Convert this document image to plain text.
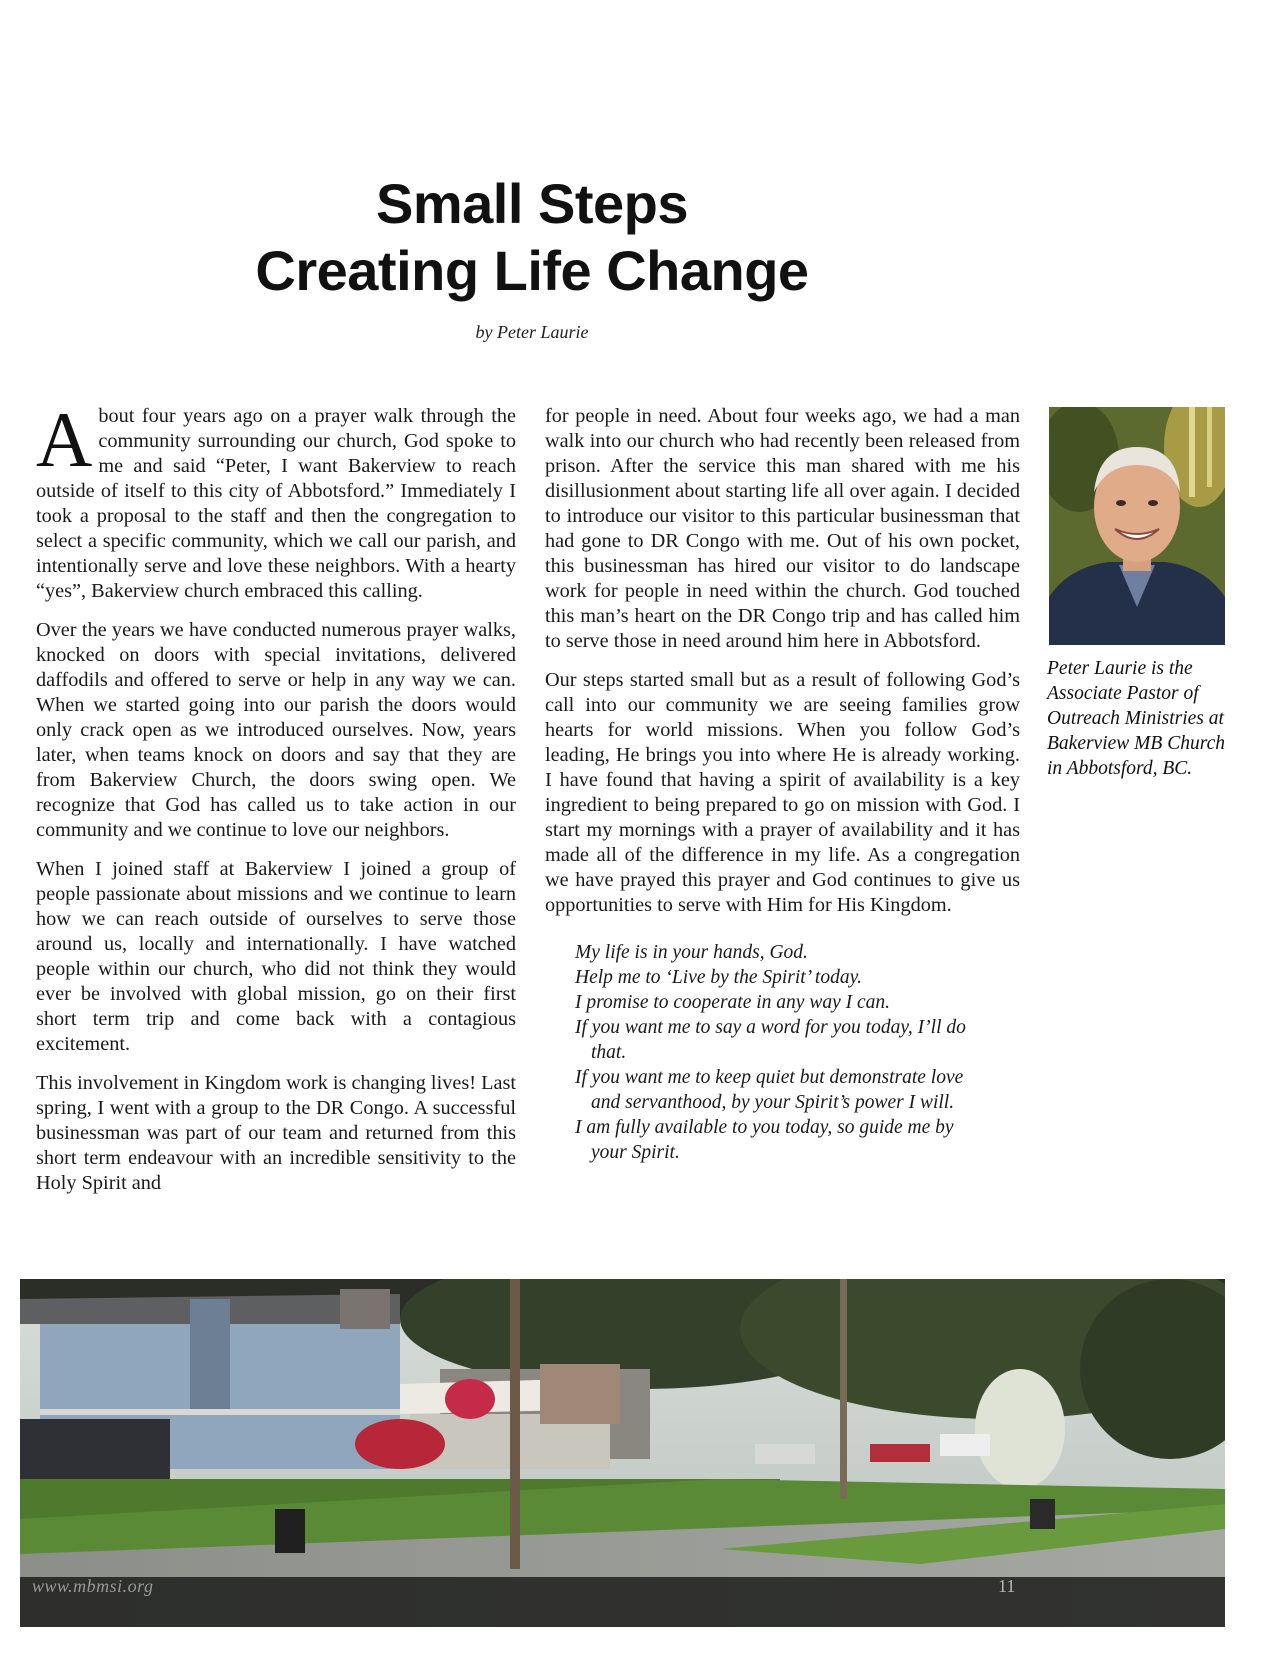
Small Steps
Creating Life Change
by Peter Laurie

About four years ago on a prayer walk through the community surrounding our church, God spoke to me and said “Peter, I want Bakerview to reach outside of itself to this city of Abbotsford.” Immediately I took a proposal to the staff and then the congregation to select a specific community, which we call our parish, and intentionally serve and love these neighbors. With a hearty “yes”, Bakerview church embraced this calling.

Over the years we have conducted numerous prayer walks, knocked on doors with special invitations, delivered daffodils and offered to serve or help in any way we can. When we started going into our parish the doors would only crack open as we introduced ourselves. Now, years later, when teams knock on doors and say that they are from Bakerview Church, the doors swing open. We recognize that God has called us to take action in our community and we continue to love our neighbors.

When I joined staff at Bakerview I joined a group of people passionate about missions and we continue to learn how we can reach outside of ourselves to serve those around us, locally and internationally. I have watched people within our church, who did not think they would ever be involved with global mission, go on their first short term trip and come back with a contagious excitement.

This involvement in Kingdom work is changing lives! Last spring, I went with a group to the DR Congo. A successful businessman was part of our team and returned from this short term endeavour with an incredible sensitivity to the Holy Spirit and

for people in need. About four weeks ago, we had a man walk into our church who had recently been released from prison. After the service this man shared with me his disillusionment about starting life all over again. I decided to introduce our visitor to this particular businessman that had gone to DR Congo with me. Out of his own pocket, this businessman has hired our visitor to do landscape work for people in need within the church. God touched this man’s heart on the DR Congo trip and has called him to serve those in need around him here in Abbotsford.

Our steps started small but as a result of following God’s call into our community we are seeing families grow hearts for world missions. When you follow God’s leading, He brings you into where He is already working. I have found that having a spirit of availability is a key ingredient to being prepared to go on mission with God. I start my mornings with a prayer of availability and it has made all of the difference in my life. As a congregation we have prayed this prayer and God continues to give us opportunities to serve with Him for His Kingdom.

My life is in your hands, God.
Help me to ‘Live by the Spirit’ today.
I promise to cooperate in any way I can.
If you want me to say a word for you today, I’ll do that.
If you want me to keep quiet but demonstrate love and servanthood, by your Spirit’s power I will.
I am fully available to you today, so guide me by your Spirit.
Peter Laurie is the Associate Pastor of Outreach Ministries at Bakerview MB Church in Abbotsford, BC.
www.mbmsi.org	11
